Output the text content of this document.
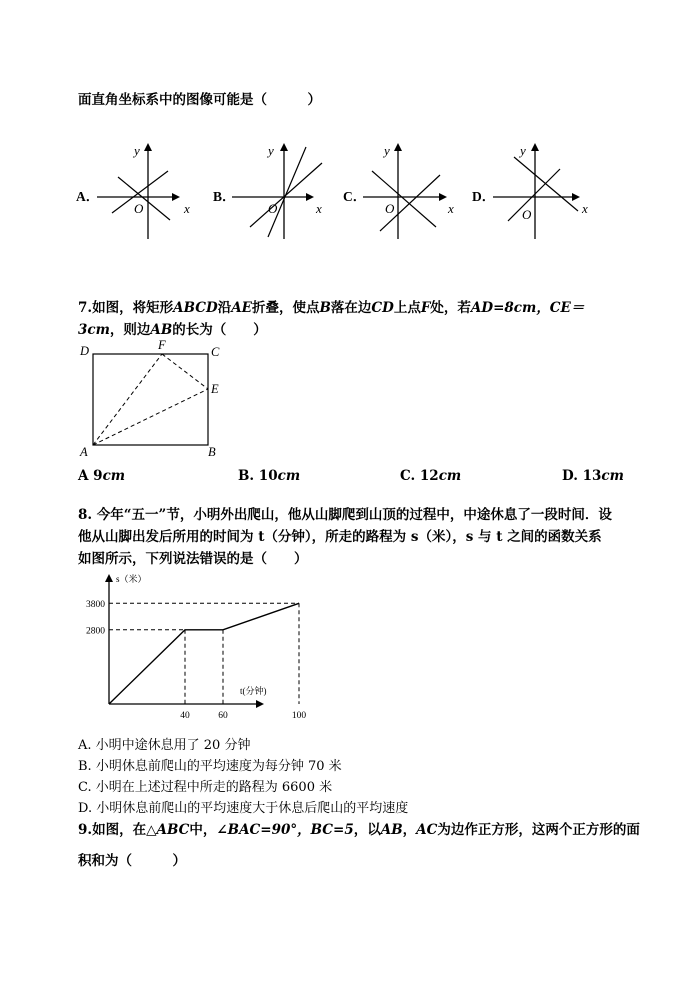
面直角坐标系中的图像可能是（　　　）
A．
x
y
O
B．
x
y
O
C．
x
y
O
D．
x
y
O
7.如图，将矩形ABCD沿AE折叠，使点B落在边CD上点F处，若AD=8cm，CE＝
3cm，则边AB的长为（　　）
D	F	C
E
A	B
A 9cm	B. 10cm	C. 12cm	D. 13cm
8. 今年“五一”节，小明外出爬山，他从山脚爬到山顶的过程中，中途休息了一段时间．设
他从山脚出发后所用的时间为 t（分钟），所走的路程为 s（米），s 与 t 之间的函数关系
如图所示，下列说法错误的是（　　）
s（米）
t(分钟)
40	60	100
3800
2800
A. 小明中途休息用了 20 分钟
B. 小明休息前爬山的平均速度为每分钟 70 米
C. 小明在上述过程中所走的路程为 6600 米
D. 小明休息前爬山的平均速度大于休息后爬山的平均速度
9.如图，在△ABC中，∠BAC=90°，BC=5，以AB，AC为边作正方形，这两个正方形的面
积和为（　　　）
